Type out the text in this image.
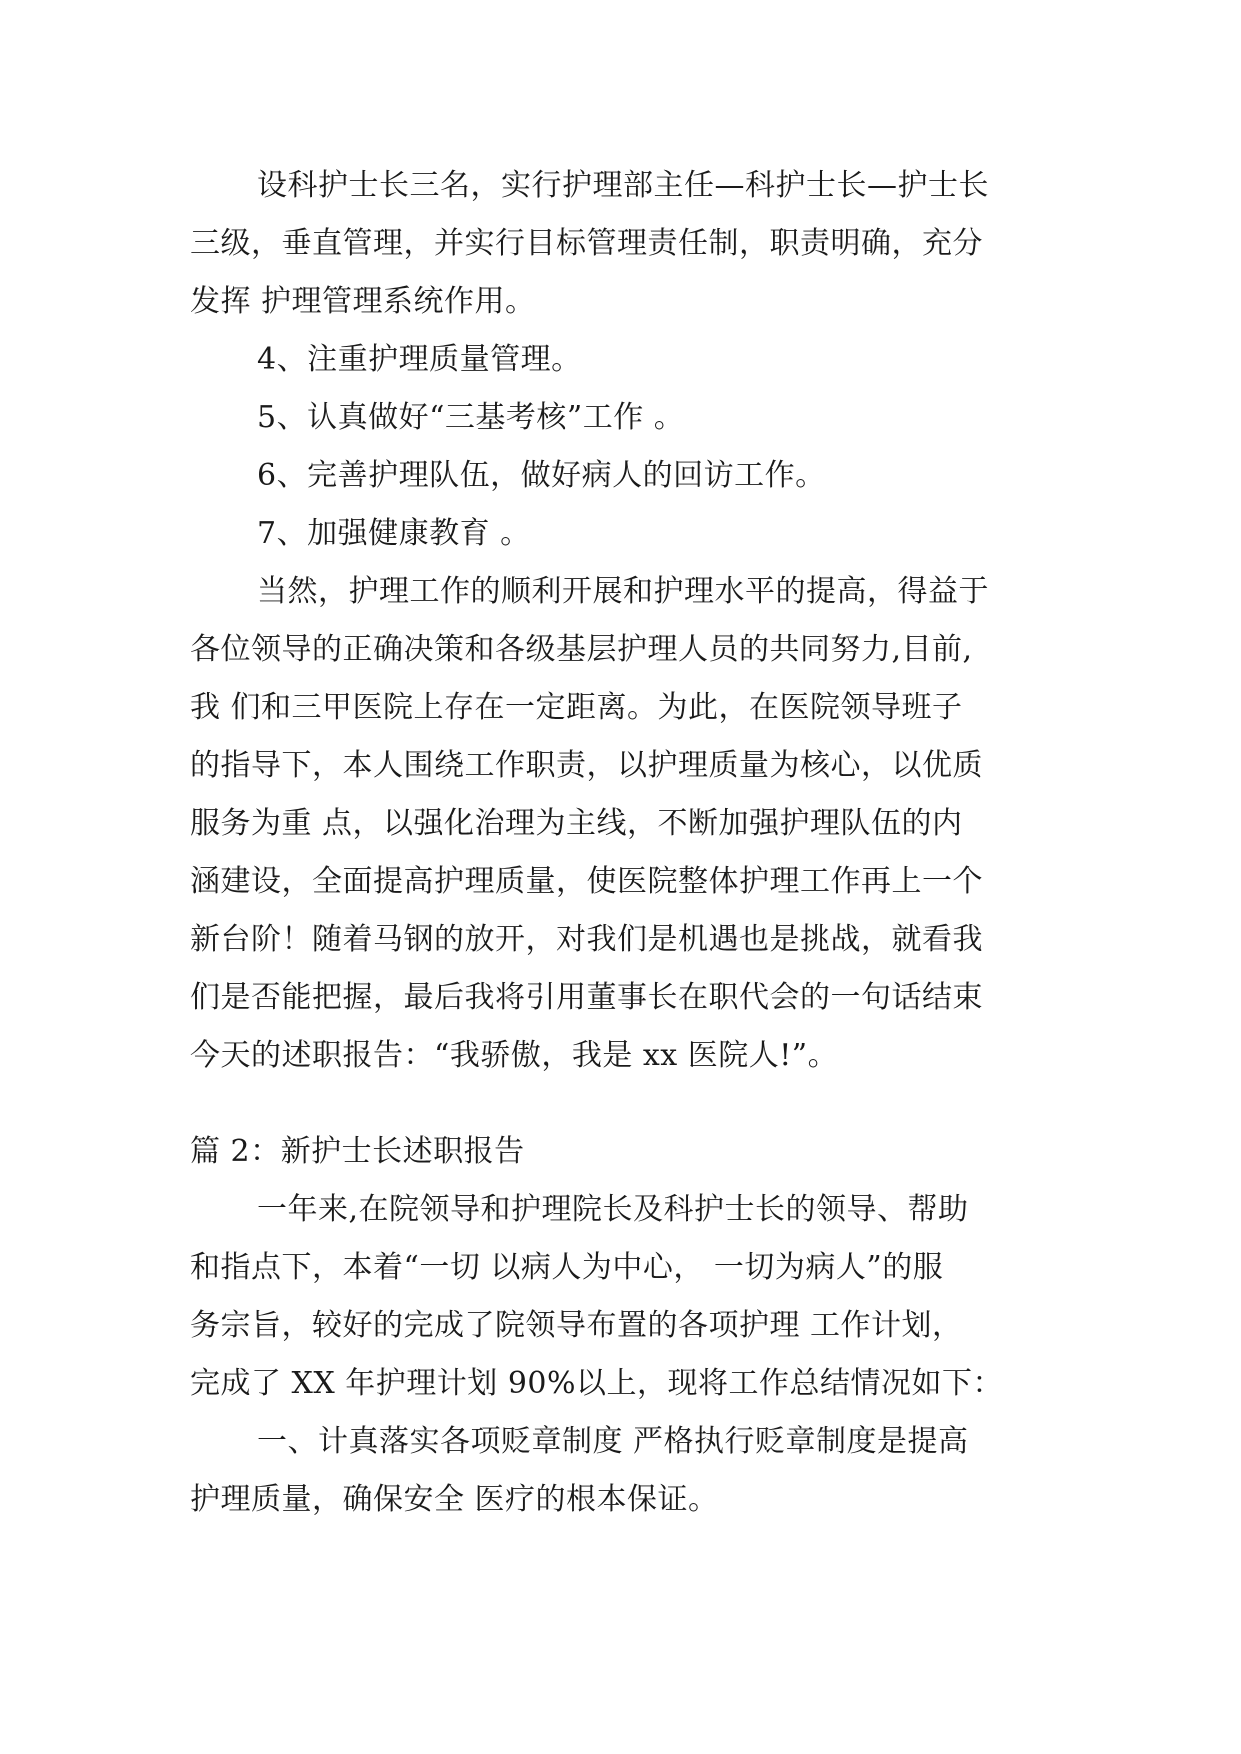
设科护士长三名，实行护理部主任—科护士长—护士长

三级，垂直管理，并实行目标管理责任制，职责明确，充分

发挥 护理管理系统作用。

4、注重护理质量管理。

5、认真做好“三基考核”工作 。

6、完善护理队伍，做好病人的回访工作。

7、加强健康教育 。

当然，护理工作的顺利开展和护理水平的提高，得益于

各位领导的正确决策和各级基层护理人员的共同努力,目前,

我 们和三甲医院上存在一定距离。为此，在医院领导班子

的指导下，本人围绕工作职责，以护理质量为核心，以优质

服务为重 点，以强化治理为主线，不断加强护理队伍的内

涵建设，全面提高护理质量，使医院整体护理工作再上一个

新台阶！随着马钢的放开，对我们是机遇也是挑战，就看我

们是否能把握，最后我将引用董事长在职代会的一句话结束

今天的述职报告：“我骄傲，我是 xx 医院人!”。

篇 2：新护士长述职报告

一年来,在院领导和护理院长及科护士长的领导、帮助

和指点下，本着“一切 以病人为中心， 一切为病人”的服

务宗旨，较好的完成了院领导布置的各项护理 工作计划，

完成了 XX 年护理计划 90%以上，现将工作总结情况如下：

一、计真落实各项贬章制度 严格执行贬章制度是提高

护理质量，确保安全 医疗的根本保证。
